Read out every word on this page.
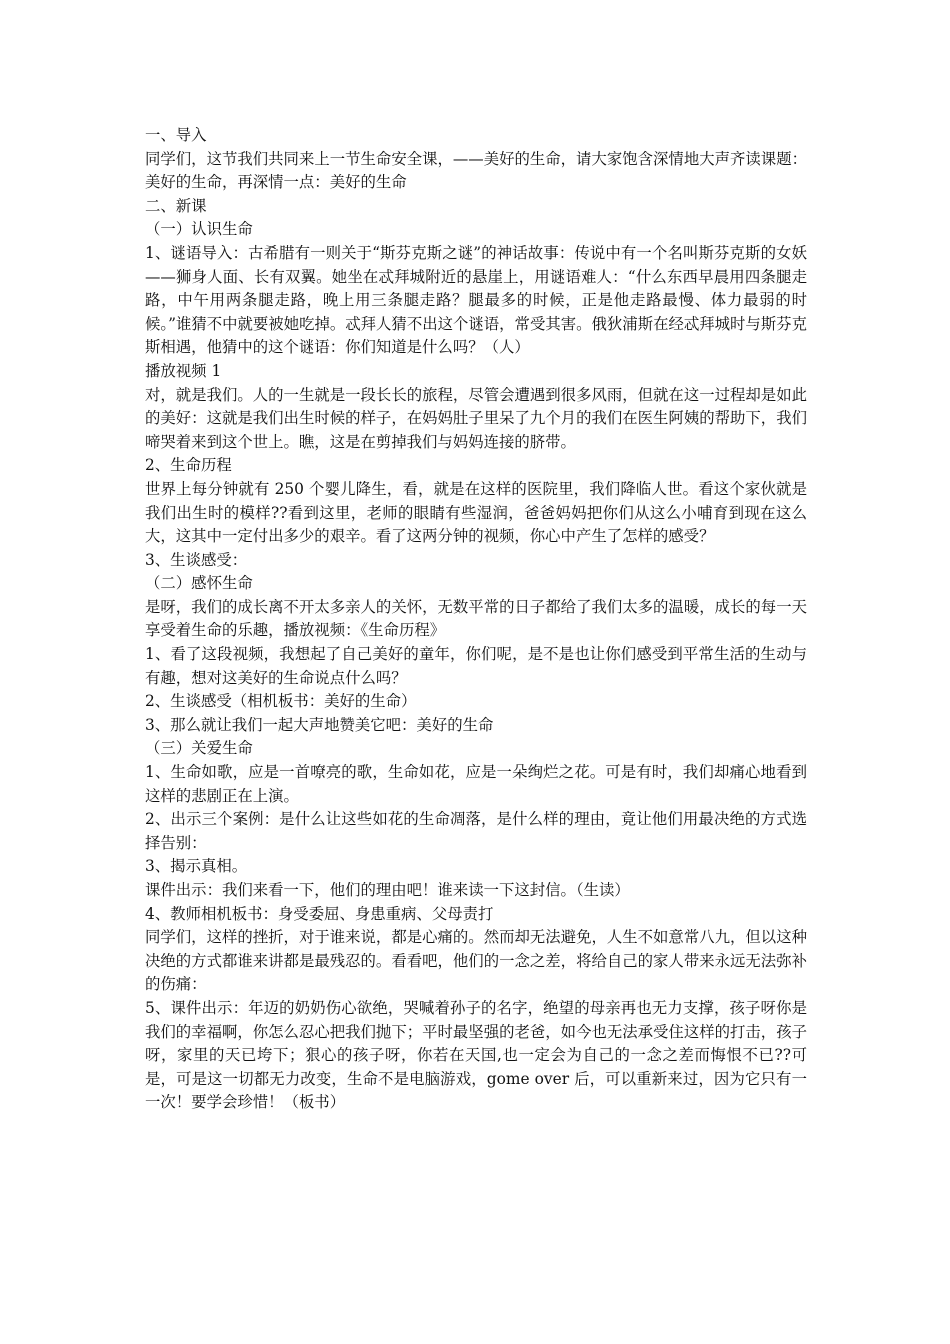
一、导入

同学们，这节我们共同来上一节生命安全课，——美好的生命，请大家饱含深情地大声齐读课题：美好的生命，再深情一点：美好的生命

二、新课

（一）认识生命

1、谜语导入：古希腊有一则关于“斯芬克斯之谜”的神话故事：传说中有一个名叫斯芬克斯的女妖——狮身人面、长有双翼。她坐在忒拜城附近的悬崖上，用谜语难人：“什么东西早晨用四条腿走路，中午用两条腿走路，晚上用三条腿走路？腿最多的时候，正是他走路最慢、体力最弱的时候。”谁猜不中就要被她吃掉。忒拜人猜不出这个谜语，常受其害。俄狄浦斯在经忒拜城时与斯芬克斯相遇，他猜中的这个谜语：你们知道是什么吗？（人）

播放视频 1

对，就是我们。人的一生就是一段长长的旅程，尽管会遭遇到很多风雨，但就在这一过程却是如此的美好：这就是我们出生时候的样子，在妈妈肚子里呆了九个月的我们在医生阿姨的帮助下，我们啼哭着来到这个世上。瞧，这是在剪掉我们与妈妈连接的脐带。

2、生命历程

世界上每分钟就有 250 个婴儿降生，看，就是在这样的医院里，我们降临人世。看这个家伙就是我们出生时的模样??看到这里，老师的眼睛有些湿润，爸爸妈妈把你们从这么小哺育到现在这么大，这其中一定付出多少的艰辛。看了这两分钟的视频，你心中产生了怎样的感受？

3、生谈感受：

（二）感怀生命

是呀，我们的成长离不开太多亲人的关怀，无数平常的日子都给了我们太多的温暖，成长的每一天享受着生命的乐趣，播放视频：《生命历程》

1、看了这段视频，我想起了自己美好的童年，你们呢，是不是也让你们感受到平常生活的生动与有趣，想对这美好的生命说点什么吗？

2、生谈感受（相机板书：美好的生命）

3、那么就让我们一起大声地赞美它吧：美好的生命

（三）关爱生命

1、生命如歌，应是一首嘹亮的歌，生命如花，应是一朵绚烂之花。可是有时，我们却痛心地看到这样的悲剧正在上演。

2、出示三个案例：是什么让这些如花的生命凋落，是什么样的理由，竟让他们用最决绝的方式选择告别：

3、揭示真相。

课件出示：我们来看一下，他们的理由吧！谁来读一下这封信。（生读）

4、教师相机板书：身受委屈、身患重病、父母责打

同学们，这样的挫折，对于谁来说，都是心痛的。然而却无法避免，人生不如意常八九，但以这种决绝的方式都谁来讲都是最残忍的。看看吧，他们的一念之差，将给自己的家人带来永远无法弥补的伤痛：

5、课件出示：年迈的奶奶伤心欲绝，哭喊着孙子的名字，绝望的母亲再也无力支撑，孩子呀你是我们的幸福啊，你怎么忍心把我们抛下；平时最坚强的老爸，如今也无法承受住这样的打击，孩子呀，家里的天已垮下；狠心的孩子呀，你若在天国,也一定会为自己的一念之差而悔恨不已??可是，可是这一切都无力改变，生命不是电脑游戏，gome over 后，可以重新来过，因为它只有一一次！要学会珍惜！（板书）
